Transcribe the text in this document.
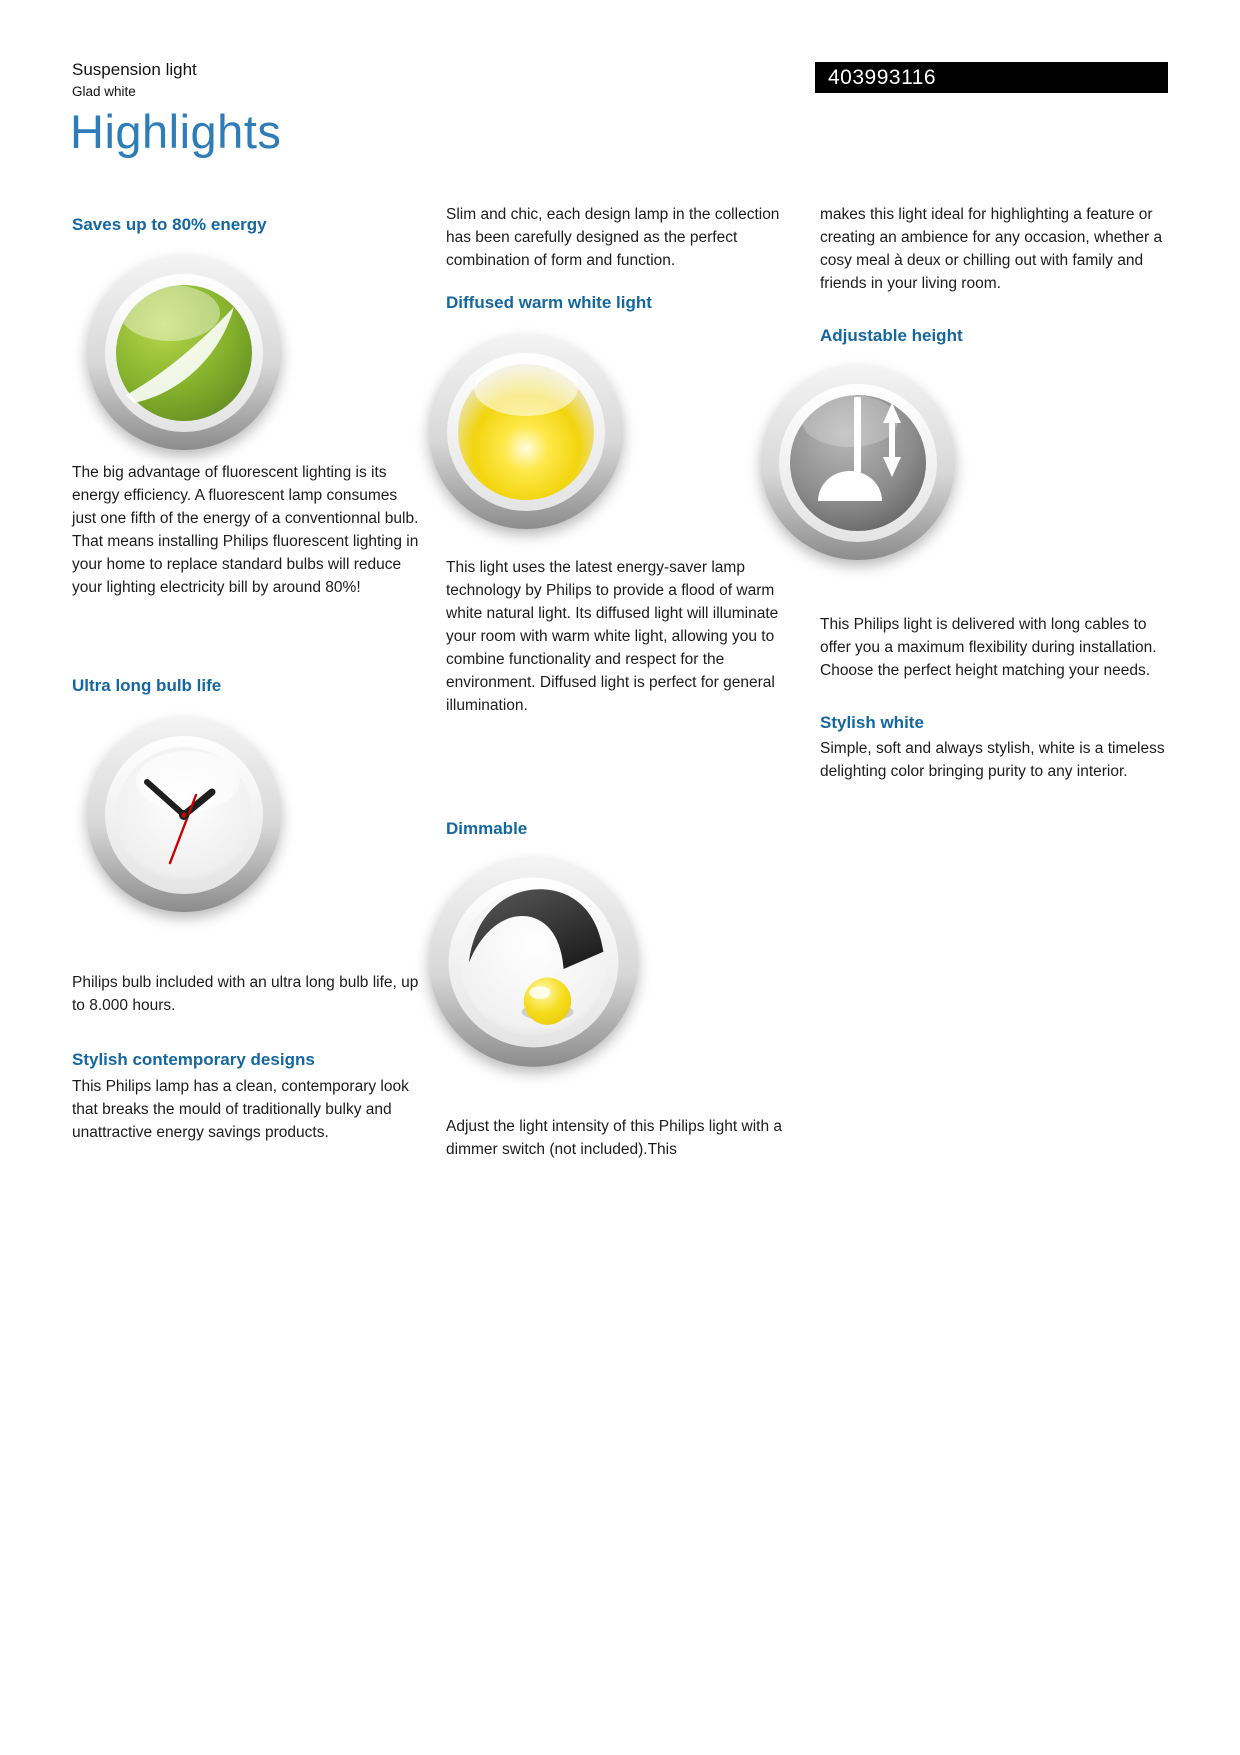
Suspension light
Glad white
Highlights
403993116
Saves up to 80% energy

The big advantage of fluorescent lighting is its energy efficiency. A fluorescent lamp consumes just one fifth of the energy of a conventionnal bulb. That means installing Philips fluorescent lighting in your home to replace standard bulbs will reduce your lighting electricity bill by around 80%!

Ultra long bulb life

Philips bulb included with an ultra long bulb life, up to 8.000 hours.

Stylish contemporary designs

This Philips lamp has a clean, contemporary look that breaks the mould of traditionally bulky and unattractive energy savings products.

Slim and chic, each design lamp in the collection has been carefully designed as the perfect combination of form and function.

Diffused warm white light

This light uses the latest energy-saver lamp technology by Philips to provide a flood of warm white natural light. Its diffused light will illuminate your room with warm white light, allowing you to combine functionality and respect for the environment. Diffused light is perfect for general illumination.

Dimmable

Adjust the light intensity of this Philips light with a dimmer switch (not included).This

makes this light ideal for highlighting a feature or creating an ambience for any occasion, whether a cosy meal à deux or chilling out with family and friends in your living room.

Adjustable height

This Philips light is delivered with long cables to offer you a maximum flexibility during installation. Choose the perfect height matching your needs.

Stylish white

Simple, soft and always stylish, white is a timeless delighting color bringing purity to any interior.
